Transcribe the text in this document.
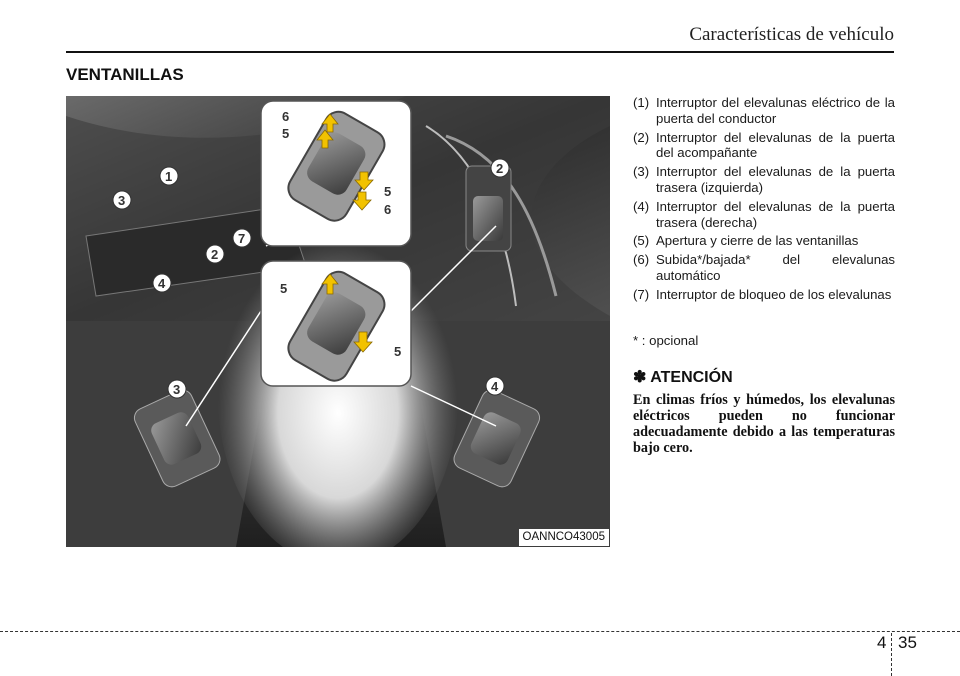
Características de vehículo
VENTANILLAS
1
2
2
3
3
4
4
7
6
5
5
6
5
5
OANNCO43005
(1) Interruptor del elevalunas eléctrico de la puerta del conductor
(2) Interruptor del elevalunas de la puerta del acompañante
(3) Interruptor del elevalunas de la puerta trasera (izquierda)
(4) Interruptor del elevalunas de la puerta trasera (derecha)
(5) Apertura y cierre de las ventanillas
(6) Subida*/bajada* del elevalunas automático
(7) Interruptor de bloqueo de los elevalunas
* : opcional
✽ ATENCIÓN

En climas fríos y húmedos, los elevalunas eléctricos pueden no funcionar adecuadamente debido a las temperaturas bajo cero.

4 35
